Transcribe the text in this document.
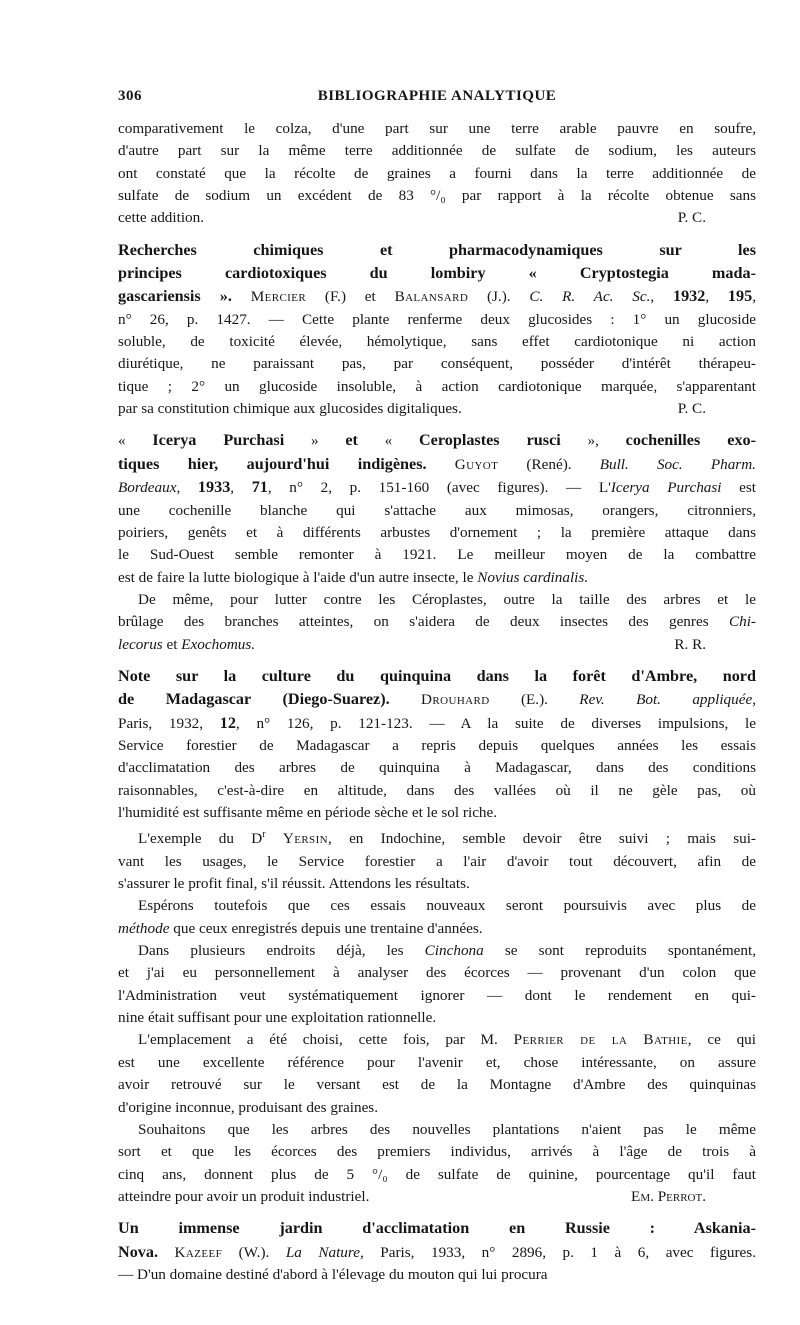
306	BIBLIOGRAPHIE ANALYTIQUE
comparativement le colza, d'une part sur une terre arable pauvre en soufre,
d'autre part sur la même terre additionnée de sulfate de sodium, les auteurs
ont constaté que la récolte de graines a fourni dans la terre additionnée de
sulfate de sodium un excédent de 83 °/₀ par rapport à la récolte obtenue sans
cette addition.	P. C.
Recherches chimiques et pharmacodynamiques sur les
principes cardiotoxiques du lombiry « Cryptostegia mada-
gascariensis ». Mercier (F.) et Balansard (J.). C. R. Ac. Sc., 1932, 195,
n° 26, p. 1427. — Cette plante renferme deux glucosides : 1° un glucoside
soluble, de toxicité élevée, hémolytique, sans effet cardiotonique ni action
diurétique, ne paraissant pas, par conséquent, posséder d'intérêt thérapeu-
tique ; 2° un glucoside insoluble, à action cardiotonique marquée, s'apparentant
par sa constitution chimique aux glucosides digitaliques.	P. C.
« Icerya Purchasi » et « Ceroplastes rusci », cochenilles exo-
tiques hier, aujourd'hui indigènes. Guyot (René). Bull. Soc. Pharm.
Bordeaux, 1933, 71, n° 2, p. 151-160 (avec figures). — L'Icerya Purchasi est
une cochenille blanche qui s'attache aux mimosas, orangers, citronniers,
poiriers, genêts et à différents arbustes d'ornement ; la première attaque dans
le Sud-Ouest semble remonter à 1921. Le meilleur moyen de la combattre
est de faire la lutte biologique à l'aide d'un autre insecte, le Novius cardinalis.
De même, pour lutter contre les Céroplastes, outre la taille des arbres et le
brûlage des branches atteintes, on s'aidera de deux insectes des genres Chi-
lecorus et Exochomus.	R. R.
Note sur la culture du quinquina dans la forêt d'Ambre, nord
de Madagascar (Diego-Suarez). Drouhard (E.). Rev. Bot. appliquée,
Paris, 1932, 12, n° 126, p. 121-123. — A la suite de diverses impulsions, le
Service forestier de Madagascar a repris depuis quelques années les essais
d'acclimatation des arbres de quinquina à Madagascar, dans des conditions
raisonnables, c'est-à-dire en altitude, dans des vallées où il ne gèle pas, où
l'humidité est suffisante même en période sèche et le sol riche.
L'exemple du $D^r$ Yersin, en Indochine, semble devoir être suivi ; mais sui-
vant les usages, le Service forestier a l'air d'avoir tout découvert, afin de
s'assurer le profit final, s'il réussit. Attendons les résultats.
Espérons toutefois que ces essais nouveaux seront poursuivis avec plus de
méthode que ceux enregistrés depuis une trentaine d'années.
Dans plusieurs endroits déjà, les Cinchona se sont reproduits spontanément,
et j'ai eu personnellement à analyser des écorces — provenant d'un colon que
l'Administration veut systématiquement ignorer — dont le rendement en qui-
nine était suffisant pour une exploitation rationnelle.
L'emplacement a été choisi, cette fois, par M. Perrier de la Bathie, ce qui
est une excellente référence pour l'avenir et, chose intéressante, on assure
avoir retrouvé sur le versant est de la Montagne d'Ambre des quinquinas
d'origine inconnue, produisant des graines.
Souhaitons que les arbres des nouvelles plantations n'aient pas le même
sort et que les écorces des premiers individus, arrivés à l'âge de trois à
cinq ans, donnent plus de 5 °/₀ de sulfate de quinine, pourcentage qu'il faut
atteindre pour avoir un produit industriel.	Em. Perrot.
Un immense jardin d'acclimatation en Russie : Askania-
Nova. Kazeef (W.). La Nature, Paris, 1933, n° 2896, p. 1 à 6, avec figures.
— D'un domaine destiné d'abord à l'élevage du mouton qui lui procura
